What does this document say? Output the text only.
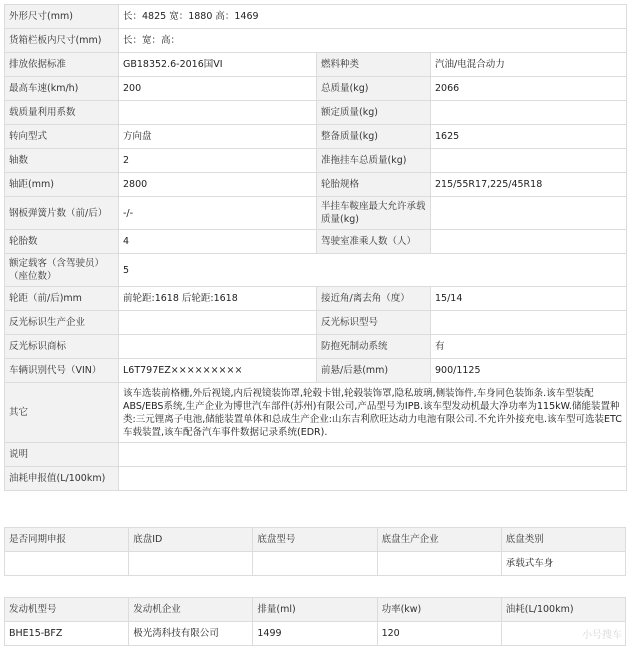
外形尺寸(mm)	长：4825 宽：1880 高：1469		
货箱栏板内尺寸(mm)	长：宽：高：		
排放依据标准	GB18352.6-2016国VI	燃料种类	汽油/电混合动力
最高车速(km/h)	200	总质量(kg)	2066
载质量利用系数		额定质量(kg)	
转向型式	方向盘	整备质量(kg)	1625
轴数	2	准拖挂车总质量(kg)	
轴距(mm)	2800	轮胎规格	215/55R17,225/45R18
钢板弹簧片数（前/后）	-/-	半挂车鞍座最大允许承载质量(kg)	
轮胎数	4	驾驶室准乘人数（人）	
额定载客（含驾驶员）（座位数）	5		
轮距（前/后)mm	前轮距:1618 后轮距:1618	接近角/离去角（度）	15/14
反光标识生产企业		反光标识型号	
反光标识商标		防抱死制动系统	有
车辆识别代号（VIN）	L6T797EZ×××××××××	前悬/后悬(mm)	900/1125
其它	该车选装前格栅,外后视镜,内后视镜装饰罩,轮毂卡钳,轮毂装饰罩,隐私玻璃,侧装饰件,车身同色装饰条.该车型装配ABS/EBS系统,生产企业为博世汽车部件(苏州)有限公司,产品型号为IPB.该车型发动机最大净功率为115kW.储能装置种类:三元锂离子电池,储能装置单体和总成生产企业:山东吉利欣旺达动力电池有限公司.不允许外接充电.该车型可选装ETC车载装置,该车配备汽车事件数据记录系统(EDR).		
说明			
油耗申报值(L/100km)			
是否同期申报	底盘ID	底盘型号	底盘生产企业	底盘类别
				承载式车身
发动机型号	发动机企业	排量(ml)	功率(kw)	油耗(L/100km)
BHE15-BFZ	极光湾科技有限公司	1499	120		小号搜车
